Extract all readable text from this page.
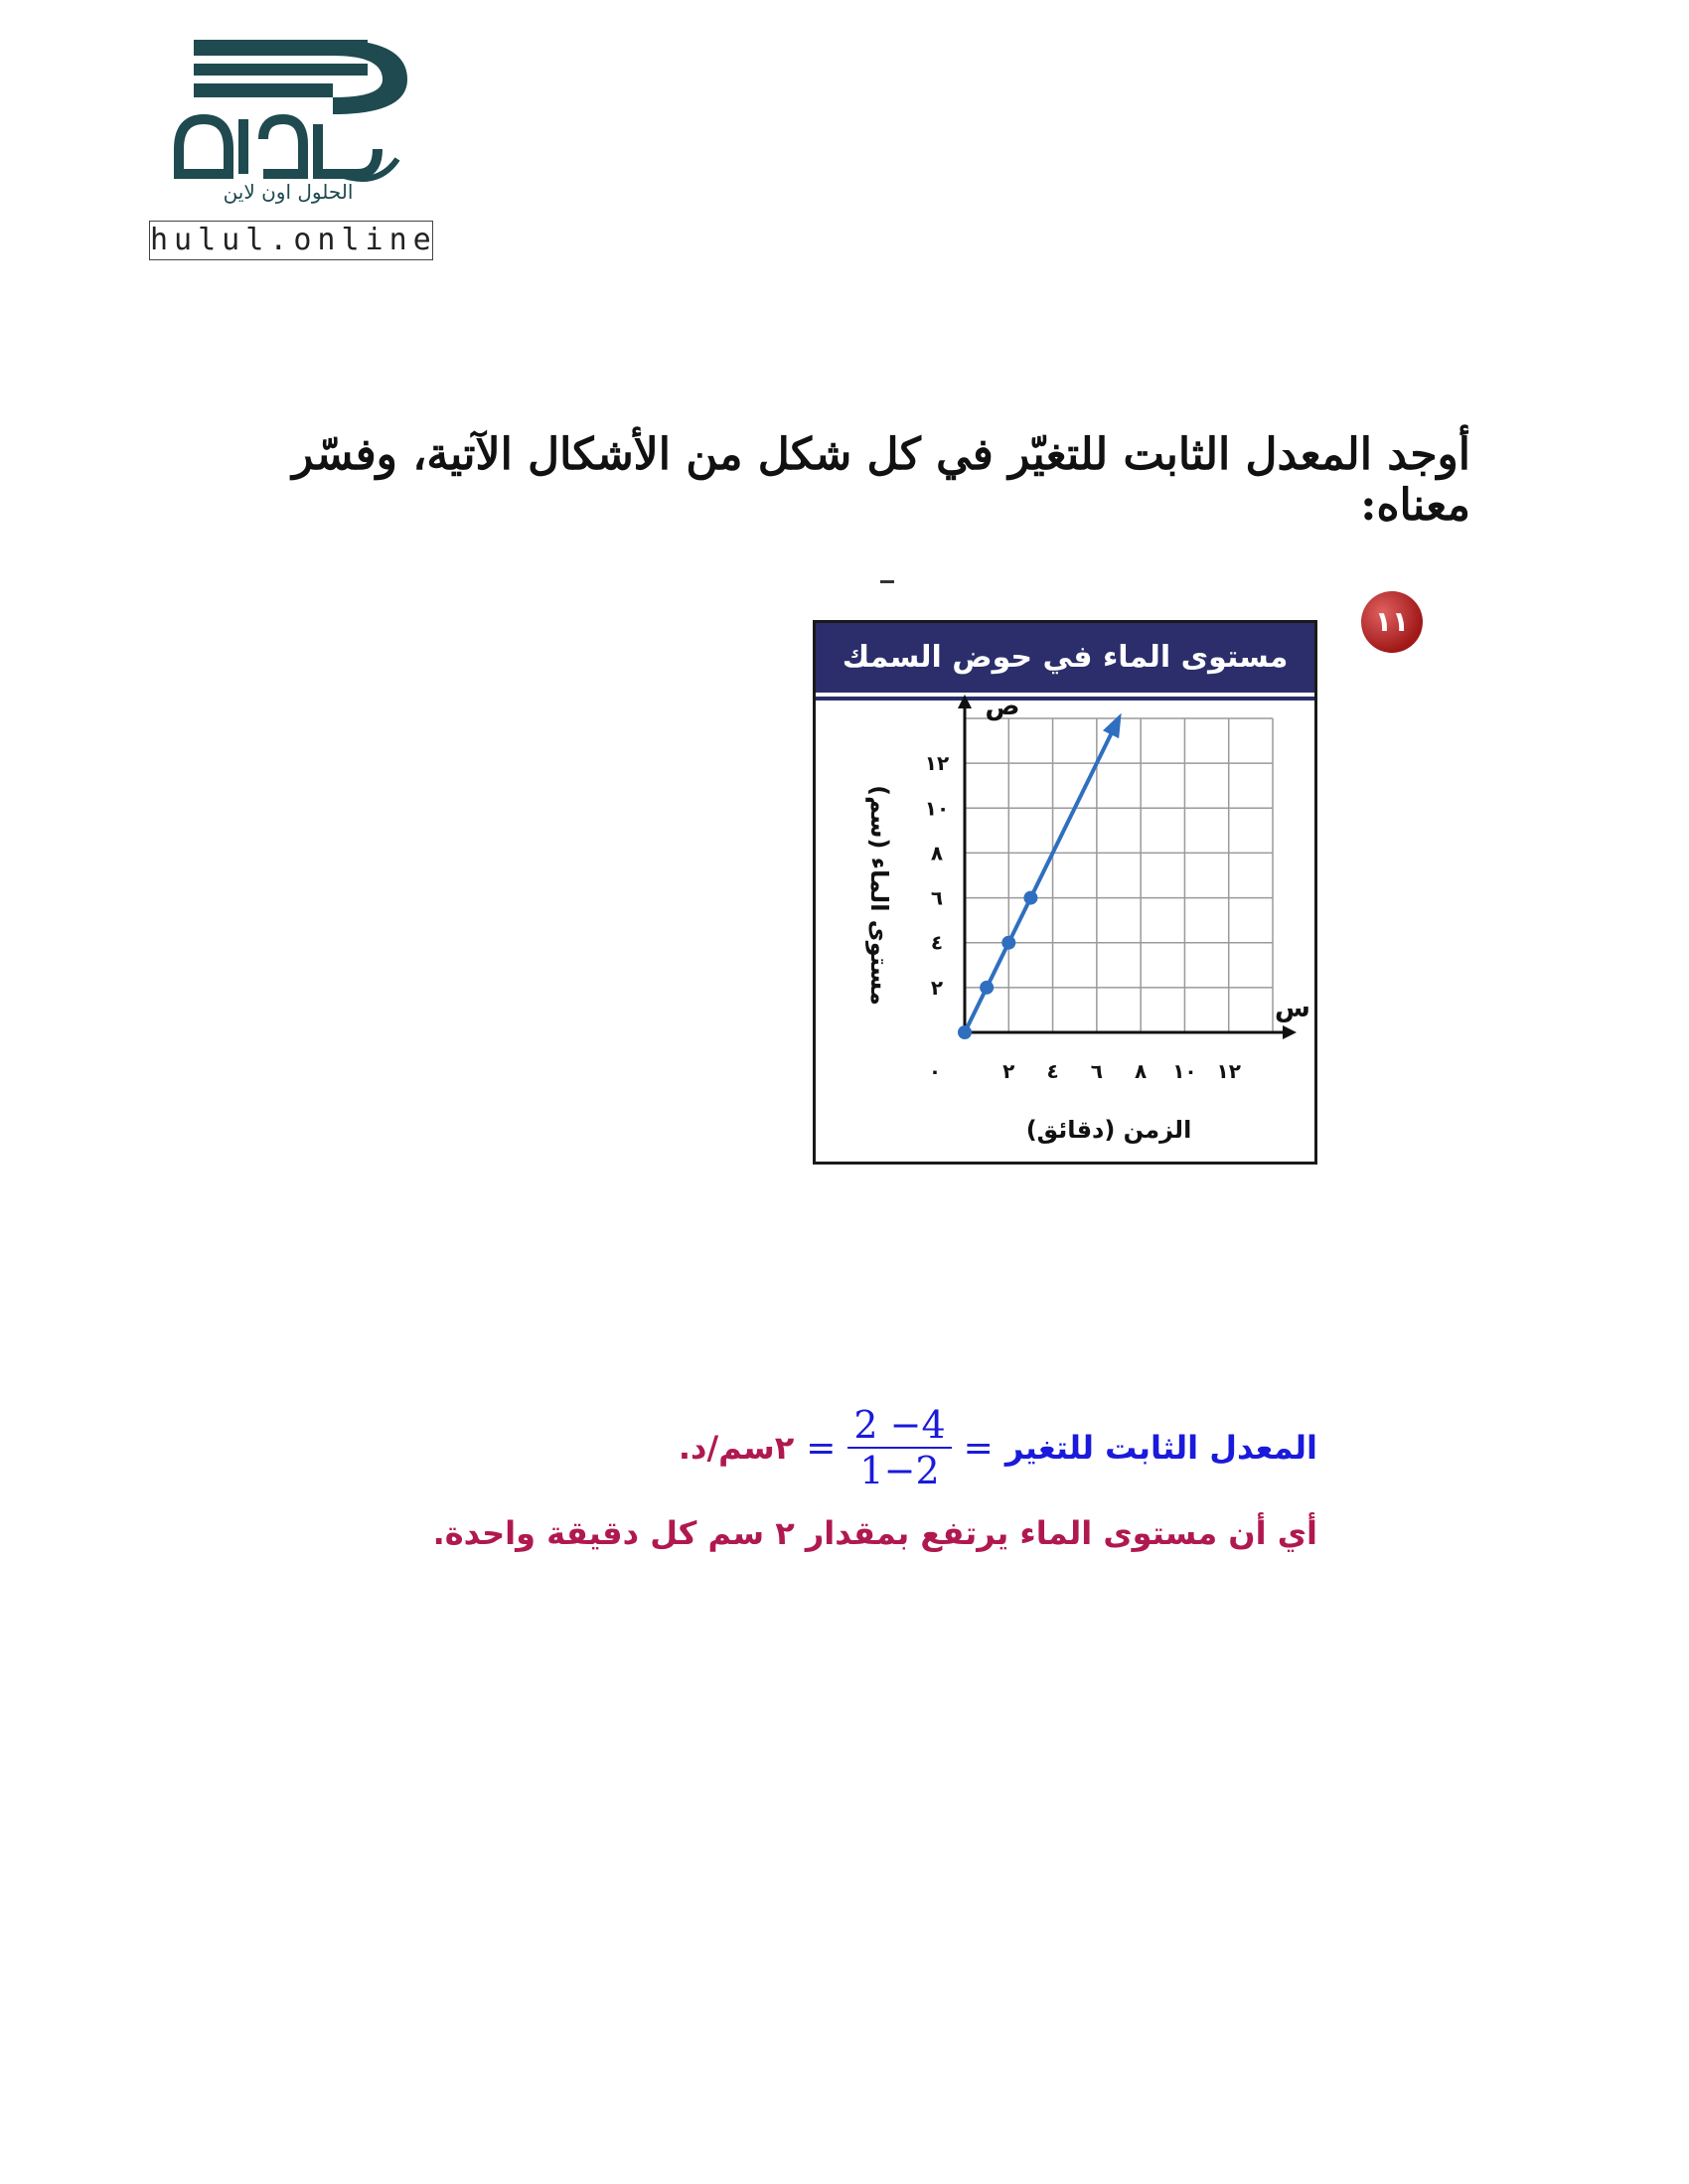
الحلول اون لاين
hulul.online
أوجد المعدل الثابت للتغيّر في كل شكل من الأشكال الآتية، وفسّر معناه:
١١
مستوى الماء في حوض السمك
٠	٢ ٤ ٦ ٨ ١٠ ١٢
٢
٤
٦
٨
١٠
١٢
ص
س
الزمن (دقائق)
مستوى الماء (سم)
المعدل الثابت للتغير
=
$\frac{2 -4}{1-2}$
=
٢سم/د.
أي أن مستوى الماء يرتفع بمقدار ٢ سم كل دقيقة واحدة.
